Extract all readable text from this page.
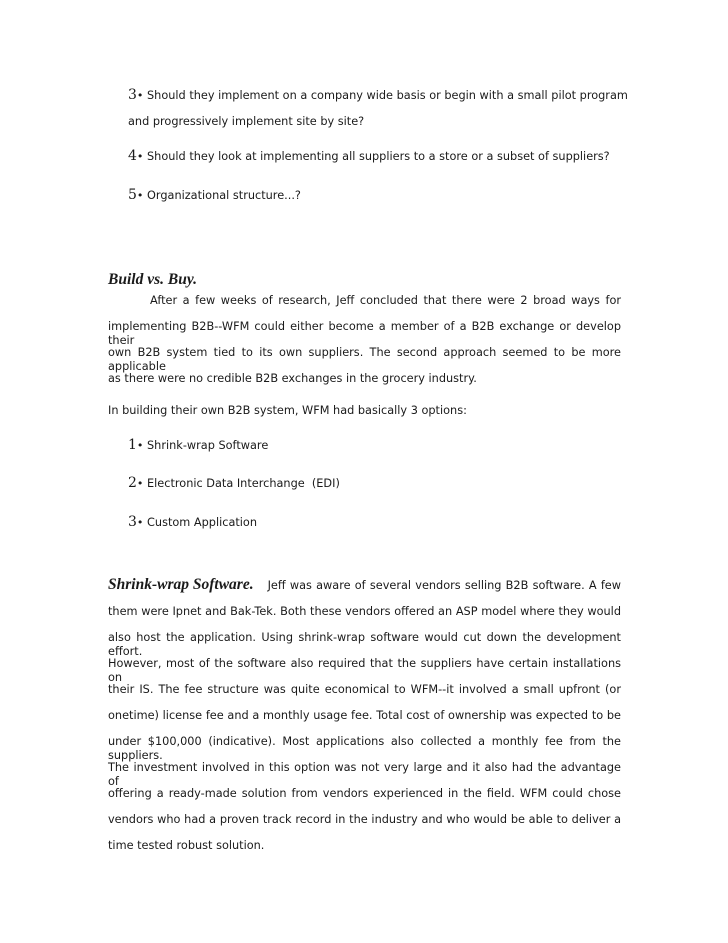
3• Should they implement on a company wide basis or begin with a small pilot program
and progressively implement site by site?
4• Should they look at implementing all suppliers to a store or a subset of suppliers?
5• Organizational structure...?
Build vs. Buy.
After a few weeks of research, Jeff concluded that there were 2 broad ways for
implementing B2B--WFM could either become a member of a B2B exchange or develop their
own B2B system tied to its own suppliers. The second approach seemed to be more applicable
as there were no credible B2B exchanges in the grocery industry.
In building their own B2B system, WFM had basically 3 options:
1• Shrink-wrap Software
2• Electronic Data Interchange  (EDI)
3• Custom Application
Shrink-wrap Software. Jeff was aware of several vendors selling B2B software. A few
them were Ipnet and Bak-Tek. Both these vendors offered an ASP model where they would
also host the application. Using shrink-wrap software would cut down the development effort.
However, most of the software also required that the suppliers have certain installations on
their IS. The fee structure was quite economical to WFM--it involved a small upfront (or
onetime) license fee and a monthly usage fee. Total cost of ownership was expected to be
under $100,000 (indicative). Most applications also collected a monthly fee from the suppliers.
The investment involved in this option was not very large and it also had the advantage of
offering a ready-made solution from vendors experienced in the field. WFM could chose
vendors who had a proven track record in the industry and who would be able to deliver a
time tested robust solution.
